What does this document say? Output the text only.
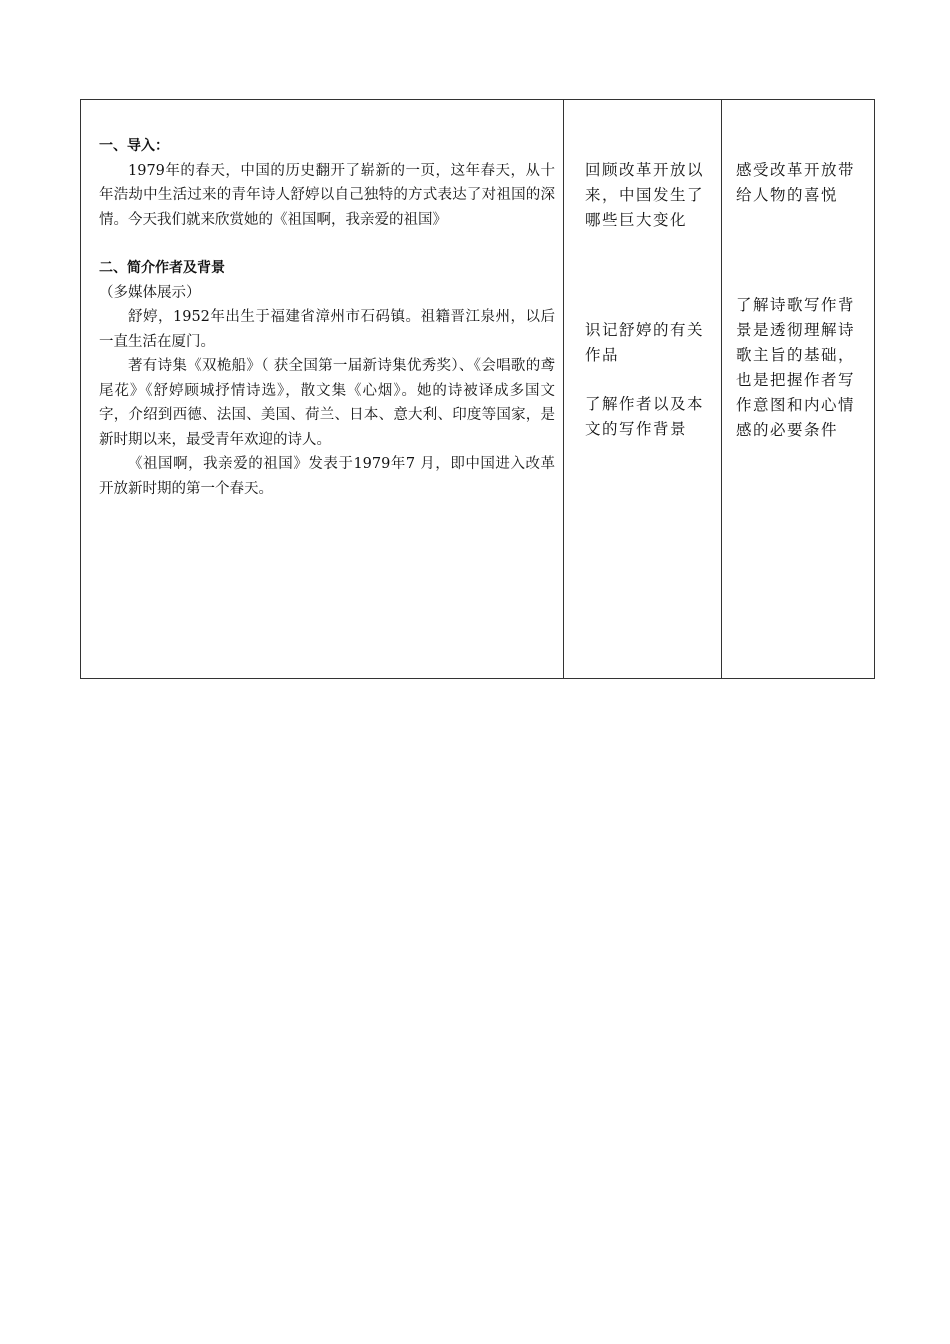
一、导入：

1979年的春天，中国的历史翻开了崭新的一页，这年春天，从十年浩劫中生活过来的青年诗人舒婷以自己独特的方式表达了对祖国的深情。今天我们就来欣赏她的《祖国啊，我亲爱的祖国》

二、简介作者及背景

（多媒体展示）

舒婷，1952年出生于福建省漳州市石码镇。祖籍晋江泉州，以后一直生活在厦门。

著有诗集《双桅船》（ 获全国第一届新诗集优秀奖）、《会唱歌的鸢尾花》《舒婷顾城抒情诗选》，散文集《心烟》。她的诗被译成多国文字，介绍到西德、法国、美国、荷兰、日本、意大利、印度等国家，是新时期以来，最受青年欢迎的诗人。

《祖国啊，我亲爱的祖国》发表于1979年7 月，即中国进入改革开放新时期的第一个春天。

回顾改革开放以来，中国发生了哪些巨大变化

识记舒婷的有关作品

了解作者以及本文的写作背景

感受改革开放带给人物的喜悦

了解诗歌写作背景是透彻理解诗歌主旨的基础，也是把握作者写作意图和内心情感的必要条件
